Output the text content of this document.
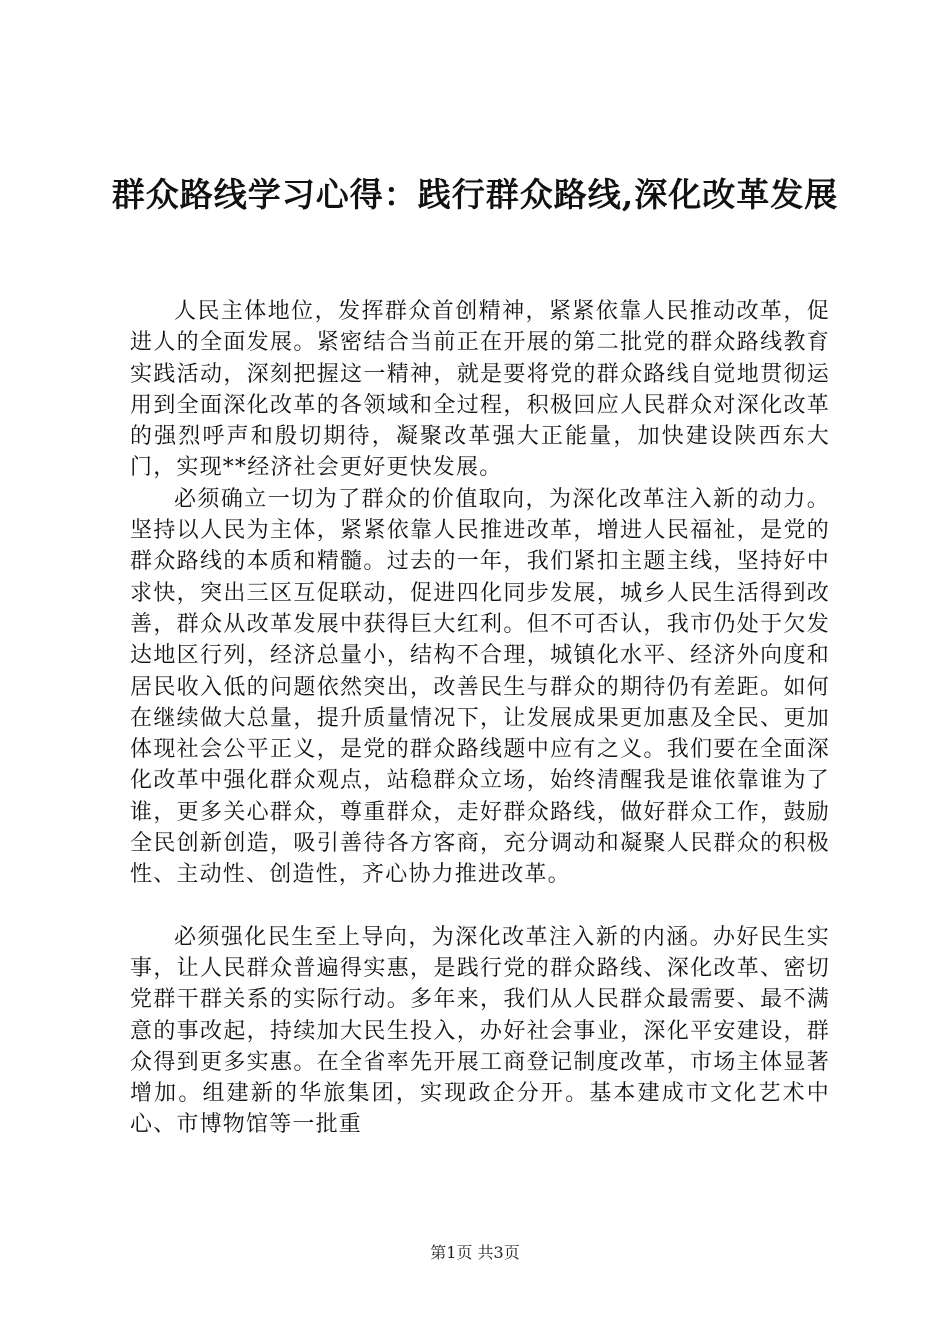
群众路线学习心得：践行群众路线,深化改革发展

人民主体地位，发挥群众首创精神，紧紧依靠人民推动改革，促进人的全面发展。紧密结合当前正在开展的第二批党的群众路线教育实践活动，深刻把握这一精神，就是要将党的群众路线自觉地贯彻运用到全面深化改革的各领域和全过程，积极回应人民群众对深化改革的强烈呼声和殷切期待，凝聚改革强大正能量，加快建设陕西东大门，实现**经济社会更好更快发展。

必须确立一切为了群众的价值取向，为深化改革注入新的动力。坚持以人民为主体，紧紧依靠人民推进改革，增进人民福祉，是党的群众路线的本质和精髓。过去的一年，我们紧扣主题主线，坚持好中求快，突出三区互促联动，促进四化同步发展，城乡人民生活得到改善，群众从改革发展中获得巨大红利。但不可否认，我市仍处于欠发达地区行列，经济总量小，结构不合理，城镇化水平、经济外向度和居民收入低的问题依然突出，改善民生与群众的期待仍有差距。如何在继续做大总量，提升质量情况下，让发展成果更加惠及全民、更加体现社会公平正义，是党的群众路线题中应有之义。我们要在全面深化改革中强化群众观点，站稳群众立场，始终清醒我是谁依靠谁为了谁，更多关心群众，尊重群众，走好群众路线，做好群众工作，鼓励全民创新创造，吸引善待各方客商，充分调动和凝聚人民群众的积极性、主动性、创造性，齐心协力推进改革。

必须强化民生至上导向，为深化改革注入新的内涵。办好民生实事，让人民群众普遍得实惠，是践行党的群众路线、深化改革、密切党群干群关系的实际行动。多年来，我们从人民群众最需要、最不满意的事改起，持续加大民生投入，办好社会事业，深化平安建设，群众得到更多实惠。在全省率先开展工商登记制度改革，市场主体显著增加。组建新的华旅集团，实现政企分开。基本建成市文化艺术中心、市博物馆等一批重

第1页 共3页
